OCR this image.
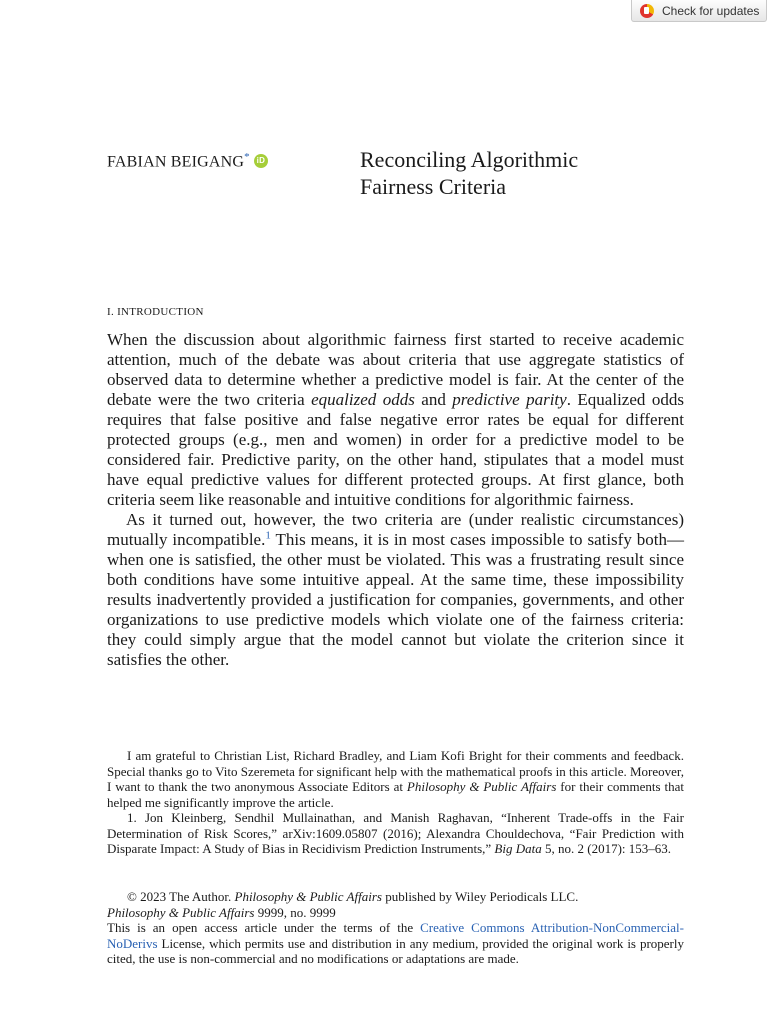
Check for updates
FABIAN BEIGANG* iD	Reconciling Algorithmic
Fairness Criteria
I. INTRODUCTION

When the discussion about algorithmic fairness first started to receive academic attention, much of the debate was about criteria that use aggregate statistics of observed data to determine whether a predictive model is fair. At the center of the debate were the two criteria equalized odds and predictive parity. Equalized odds requires that false positive and false negative error rates be equal for different protected groups (e.g., men and women) in order for a predictive model to be considered fair. Predictive parity, on the other hand, stipulates that a model must have equal predictive values for different protected groups. At first glance, both criteria seem like reasonable and intuitive conditions for algorithmic fairness.

As it turned out, however, the two criteria are (under realistic circumstances) mutually incompatible.$^1$ This means, it is in most cases impossible to satisfy both—when one is satisfied, the other must be violated. This was a frustrating result since both conditions have some intuitive appeal. At the same time, these impossibility results inadvertently provided a justification for companies, governments, and other organizations to use predictive models which violate one of the fairness criteria: they could simply argue that the model cannot but violate the criterion since it satisfies the other.

I am grateful to Christian List, Richard Bradley, and Liam Kofi Bright for their comments and feedback. Special thanks go to Vito Szeremeta for significant help with the mathematical proofs in this article. Moreover, I want to thank the two anonymous Associate Editors at Philosophy & Public Affairs for their comments that helped me significantly improve the article.

1. Jon Kleinberg, Sendhil Mullainathan, and Manish Raghavan, “Inherent Trade-offs in the Fair Determination of Risk Scores,” arXiv:1609.05807 (2016); Alexandra Chouldechova, “Fair Prediction with Disparate Impact: A Study of Bias in Recidivism Prediction Instruments,” Big Data 5, no. 2 (2017): 153–63.

© 2023 The Author. Philosophy & Public Affairs published by Wiley Periodicals LLC.

Philosophy & Public Affairs 9999, no. 9999

This is an open access article under the terms of the Creative Commons Attribution-NonCommercial-NoDerivs License, which permits use and distribution in any medium, provided the original work is properly cited, the use is non-commercial and no modifications or adaptations are made.
